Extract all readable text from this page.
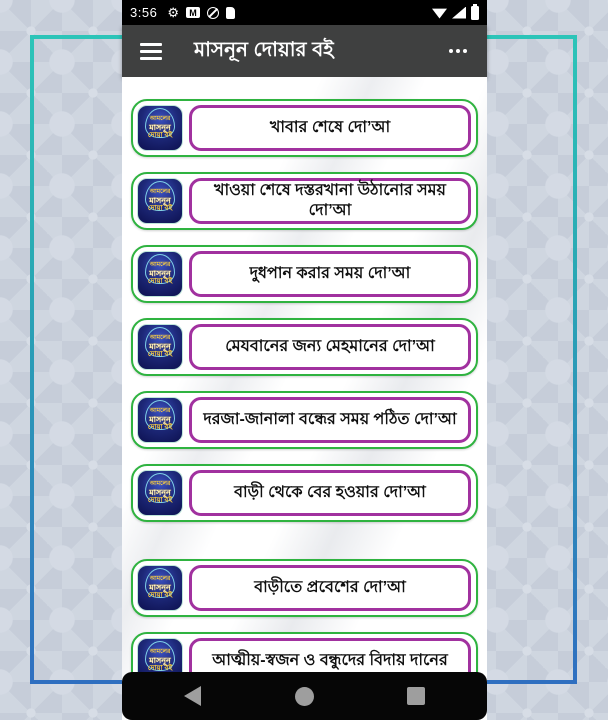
3:56 ⚙	M
মাসনূন দোয়ার বই
আমলের
মাসনূন
দোয়া বই	খাবার শেষে দো’আ
আমলের
মাসনূন
দোয়া বই
খাওয়া শেষে দস্তরখানা উঠানোর সময় দো’আ
আমলের
মাসনূন
দোয়া বই	দুধপান করার সময় দো’আ
আমলের
মাসনূন
দোয়া বই	মেযবানের জন্য মেহমানের দো’আ
আমলের
মাসনূন
দোয়া বই	দরজা-জানালা বন্ধের সময় পঠিত দো’আ
আমলের
মাসনূন
দোয়া বই	বাড়ী থেকে বের হওয়ার দো’আ
আমলের
মাসনূন
দোয়া বই	বাড়ীতে প্রবেশের দো’আ
আমলের
মাসনূন
দোয়া বই	আত্মীয়-স্বজন ও বন্ধুদের বিদায় দানের
